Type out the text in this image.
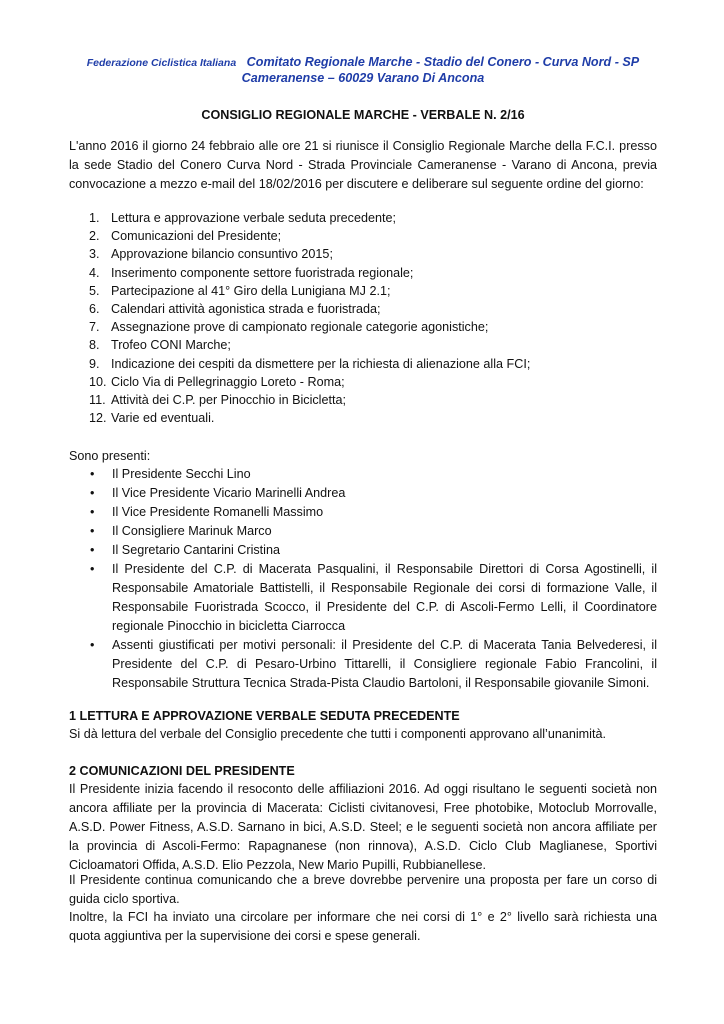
Federazione Ciclistica Italiana Comitato Regionale Marche - Stadio del Conero - Curva Nord - SP
Cameranense – 60029 Varano Di Ancona
CONSIGLIO REGIONALE MARCHE - VERBALE N. 2/16

L'anno 2016 il giorno 24 febbraio alle ore 21 si riunisce il Consiglio Regionale Marche della F.C.I. presso la sede Stadio del Conero Curva Nord - Strada Provinciale Cameranense - Varano di Ancona, previa convocazione a mezzo e-mail del 18/02/2016 per discutere e deliberare sul seguente ordine del giorno:

1. Lettura e approvazione verbale seduta precedente;
2. Comunicazioni del Presidente;
3. Approvazione bilancio consuntivo 2015;
4. Inserimento componente settore fuoristrada regionale;
5. Partecipazione al 41° Giro della Lunigiana MJ 2.1;
6. Calendari attività agonistica strada e fuoristrada;
7. Assegnazione prove di campionato regionale categorie agonistiche;
8. Trofeo CONI Marche;
9. Indicazione dei cespiti da dismettere per la richiesta di alienazione alla FCI;
10. Ciclo Via di Pellegrinaggio Loreto - Roma;
11. Attività dei C.P. per Pinocchio in Bicicletta;
12. Varie ed eventuali.
Sono presenti:
• Il Presidente Secchi Lino
• Il Vice Presidente Vicario Marinelli Andrea
• Il Vice Presidente Romanelli Massimo
• Il Consigliere Marinuk Marco
• Il Segretario Cantarini Cristina
• Il Presidente del C.P. di Macerata Pasqualini, il Responsabile Direttori di Corsa Agostinelli, il Responsabile Amatoriale Battistelli, il Responsabile Regionale dei corsi di formazione Valle, il Responsabile Fuoristrada Scocco, il Presidente del C.P. di Ascoli-Fermo Lelli, il Coordinatore regionale Pinocchio in bicicletta Ciarrocca
• Assenti giustificati per motivi personali: il Presidente del C.P. di Macerata Tania Belvederesi, il Presidente del C.P. di Pesaro-Urbino Tittarelli, il Consigliere regionale Fabio Francolini, il Responsabile Struttura Tecnica Strada-Pista Claudio Bartoloni, il Responsabile giovanile Simoni.
1 LETTURA E APPROVAZIONE VERBALE SEDUTA PRECEDENTE

Si dà lettura del verbale del Consiglio precedente che tutti i componenti approvano all’unanimità.

2 COMUNICAZIONI DEL PRESIDENTE

Il Presidente inizia facendo il resoconto delle affiliazioni 2016. Ad oggi risultano le seguenti società non ancora affiliate per la provincia di Macerata: Ciclisti civitanovesi, Free photobike, Motoclub Morrovalle, A.S.D. Power Fitness, A.S.D. Sarnano in bici, A.S.D. Steel; e le seguenti società non ancora affiliate per la provincia di Ascoli-Fermo: Rapagnanese (non rinnova), A.S.D. Ciclo Club Maglianese, Sportivi Cicloamatori Offida, A.S.D. Elio Pezzola, New Mario Pupilli, Rubbianellese.

Il Presidente continua comunicando che a breve dovrebbe pervenire una proposta per fare un corso di guida ciclo sportiva.

Inoltre, la FCI ha inviato una circolare per informare che nei corsi di 1° e 2° livello sarà richiesta una quota aggiuntiva per la supervisione dei corsi e spese generali.
